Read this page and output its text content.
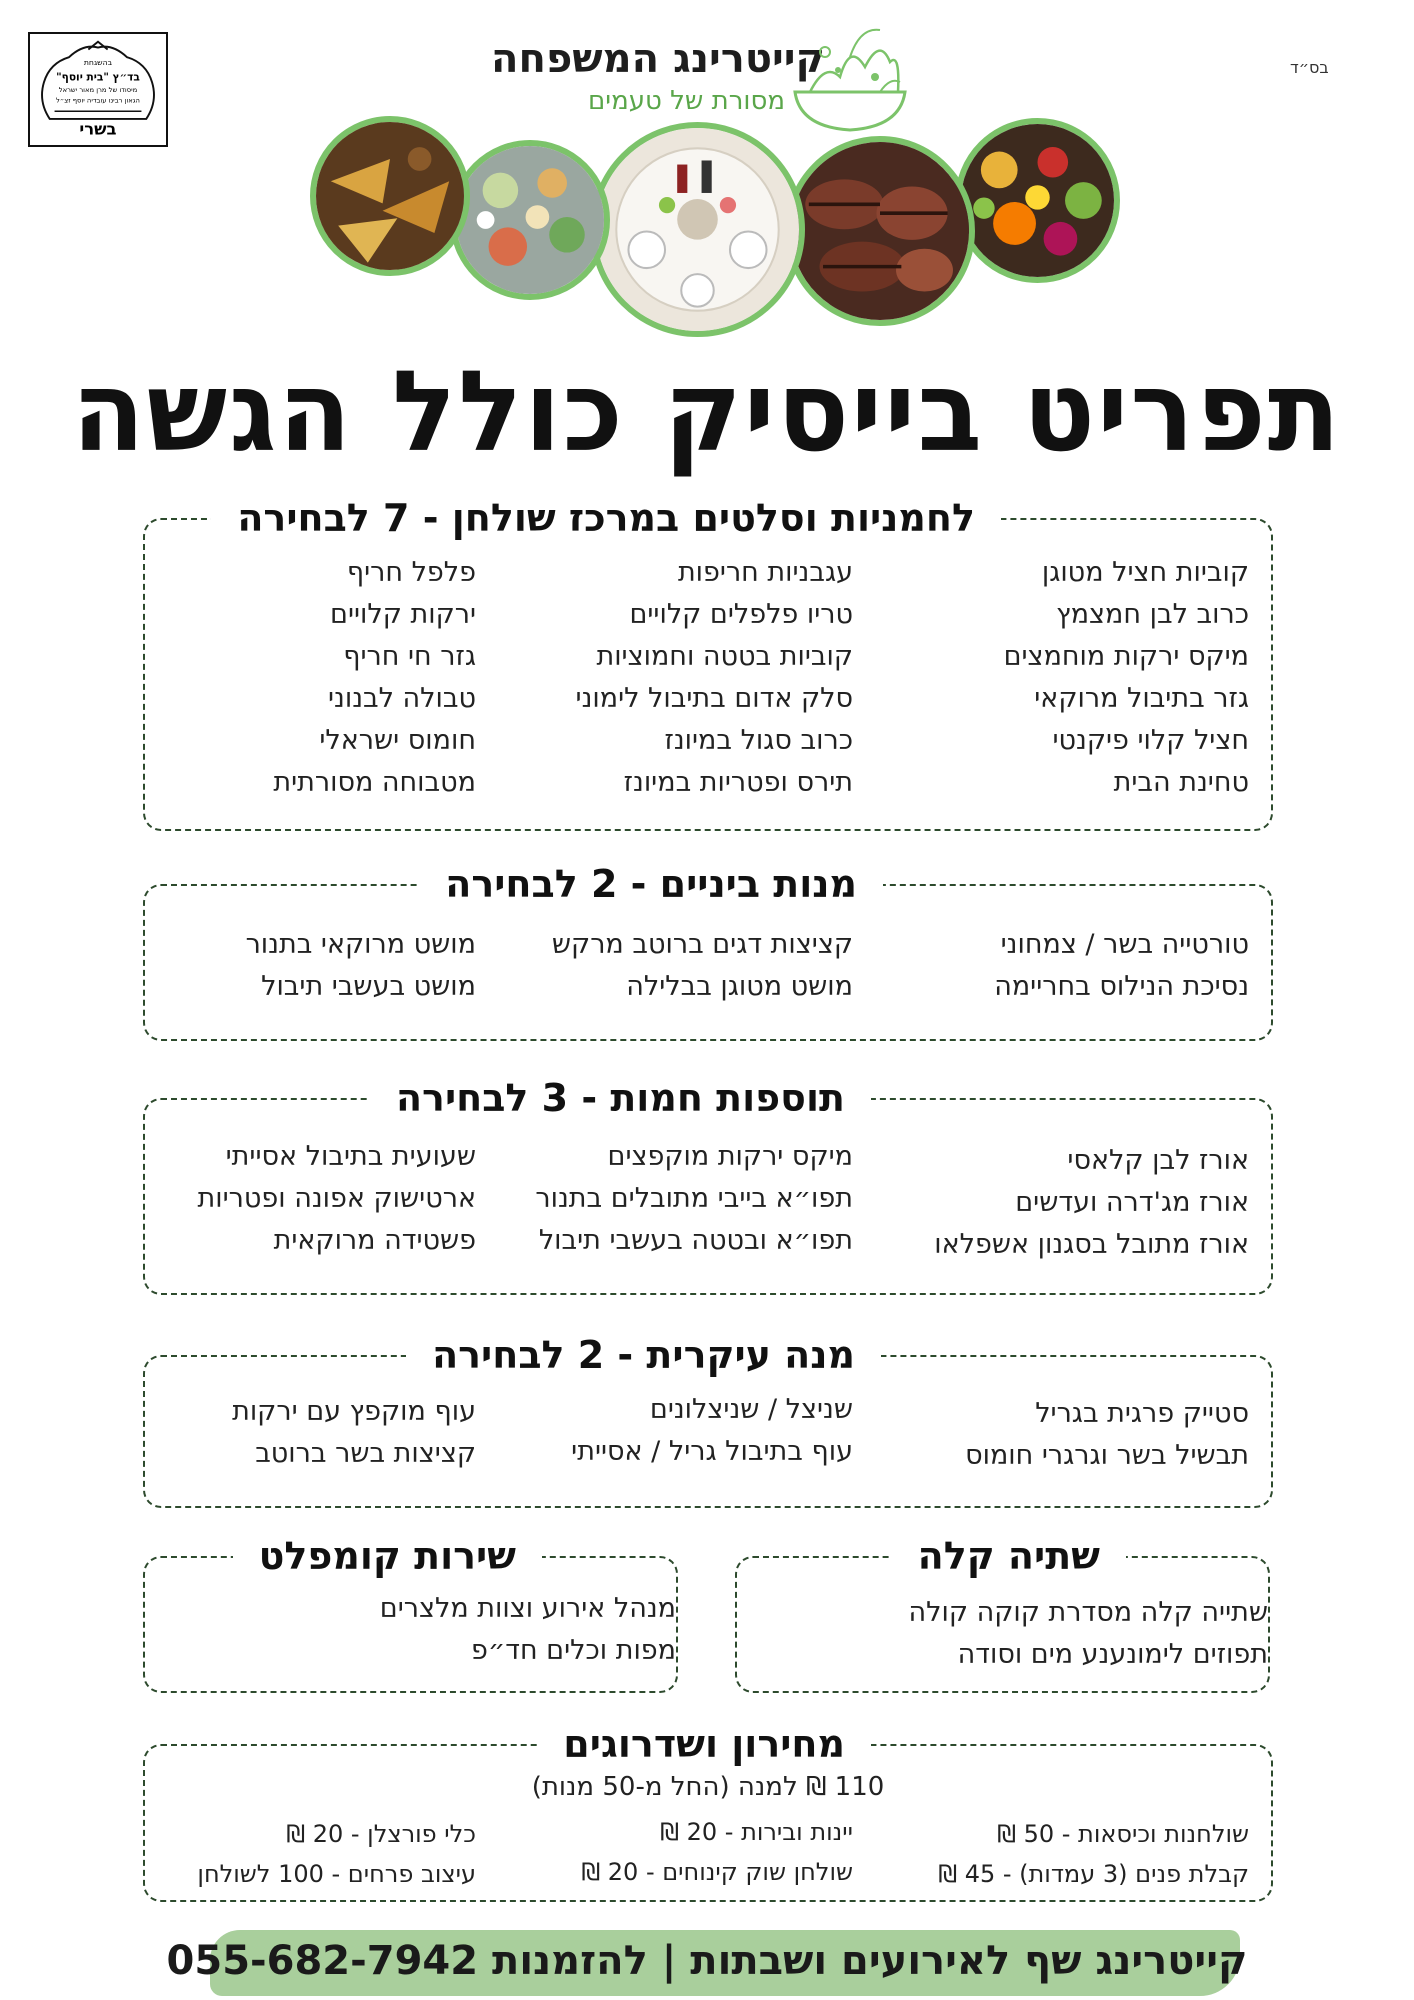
בס״ד
בהשגחת
בד״ץ "בית יוסף"
מיסודו של מרן מאור ישראל
הגאון רבינו עובדיה יוסף זצ״ל
בשרי
קייטרינג המשפחה
מסורת של טעמים
תפריט בייסיק כולל הגשה
לחמניות וסלטים במרכז שולחן - 7 לבחירה
קוביות חציל מטוגן
כרוב לבן חמצמץ
מיקס ירקות מוחמצים
גזר בתיבול מרוקאי
חציל קלוי פיקנטי
טחינת הבית
עגבניות חריפות
טריו פלפלים קלויים
קוביות בטטה וחמוציות
סלק אדום בתיבול לימוני
כרוב סגול במיונז
תירס ופטריות במיונז
פלפל חריף
ירקות קלויים
גזר חי חריף
טבולה לבנוני
חומוס ישראלי
מטבוחה מסורתית
מנות ביניים - 2 לבחירה
טורטייה בשר / צמחוני
נסיכת הנילוס בחריימה
קציצות דגים ברוטב מרקש
מושט מטוגן בבלילה
מושט מרוקאי בתנור
מושט בעשבי תיבול
תוספות חמות - 3 לבחירה
אורז לבן קלאסי
אורז מג'דרה ועדשים
אורז מתובל בסגנון אשפלאו
מיקס ירקות מוקפצים
תפו״א בייבי מתובלים בתנור
תפו״א ובטטה בעשבי תיבול
שעועית בתיבול אסייתי
ארטישוק אפונה ופטריות
פשטידה מרוקאית
מנה עיקרית - 2 לבחירה
סטייק פרגית בגריל
תבשיל בשר וגרגרי חומוס
שניצל / שניצלונים
עוף בתיבול גריל / אסייתי
עוף מוקפץ עם ירקות
קציצות בשר ברוטב
שתיה קלה
שתייה קלה מסדרת קוקה קולה
תפוזים לימונענע מים וסודה
שירות קומפלט
מנהל אירוע וצוות מלצרים
מפות וכלים חד״פ
מחירון ושדרוגים
110 ₪ למנה (החל מ-50 מנות)
שולחנות וכיסאות - 50 ₪
קבלת פנים (3 עמדות) - 45 ₪
יינות ובירות - 20 ₪
שולחן שוק קינוחים - 20 ₪
כלי פורצלן - 20 ₪
עיצוב פרחים - 100 לשולחן
קייטרינג שף לאירועים ושבתות | להזמנות 055-682-7942
